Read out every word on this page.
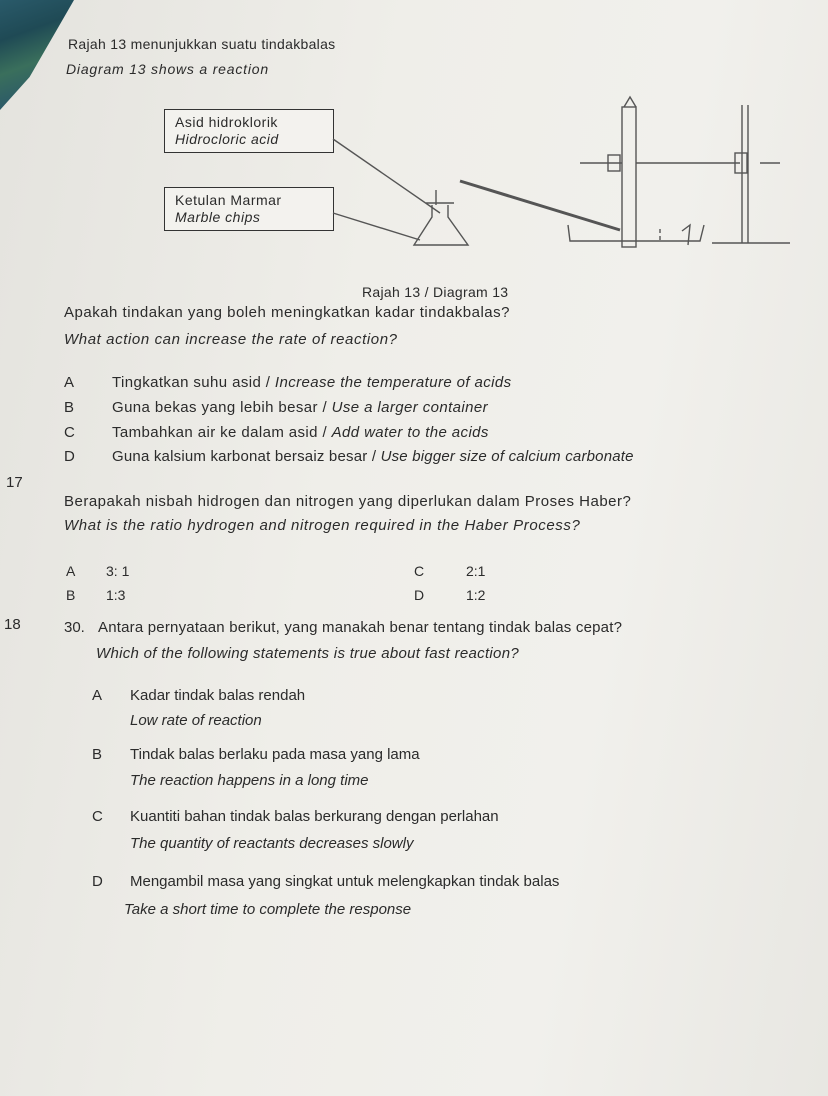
Rajah 13 menunjukkan suatu tindakbalas
Diagram 13 shows a reaction
Asid hidroklorik
Hidrocloric acid
Ketulan Marmar
Marble chips
Rajah 13 / Diagram 13
Apakah tindakan yang boleh meningkatkan kadar tindakbalas?
What action can increase the rate of reaction?
A	Tingkatkan suhu asid / Increase the temperature of acids
B	Guna bekas yang lebih besar / Use a larger container
C Tambahkan air ke dalam asid / Add water to the acids
D Guna kalsium karbonat bersaiz besar / Use bigger size of calcium carbonate
17
Berapakah nisbah hidrogen dan nitrogen yang diperlukan dalam Proses Haber?
What is the ratio hydrogen and nitrogen required in the Haber Process?
A 3: 1
B 1:3
C	2:1
D	1:2
18	30. Antara pernyataan berikut, yang manakah benar tentang tindak balas cepat?
Which of the following statements is true about fast reaction?
A Kadar tindak balas rendah
Low rate of reaction
B Tindak balas berlaku pada masa yang lama
The reaction happens in a long time
C Kuantiti bahan tindak balas berkurang dengan perlahan
The quantity of reactants decreases slowly
D Mengambil masa yang singkat untuk melengkapkan tindak balas
Take a short time to complete the response
